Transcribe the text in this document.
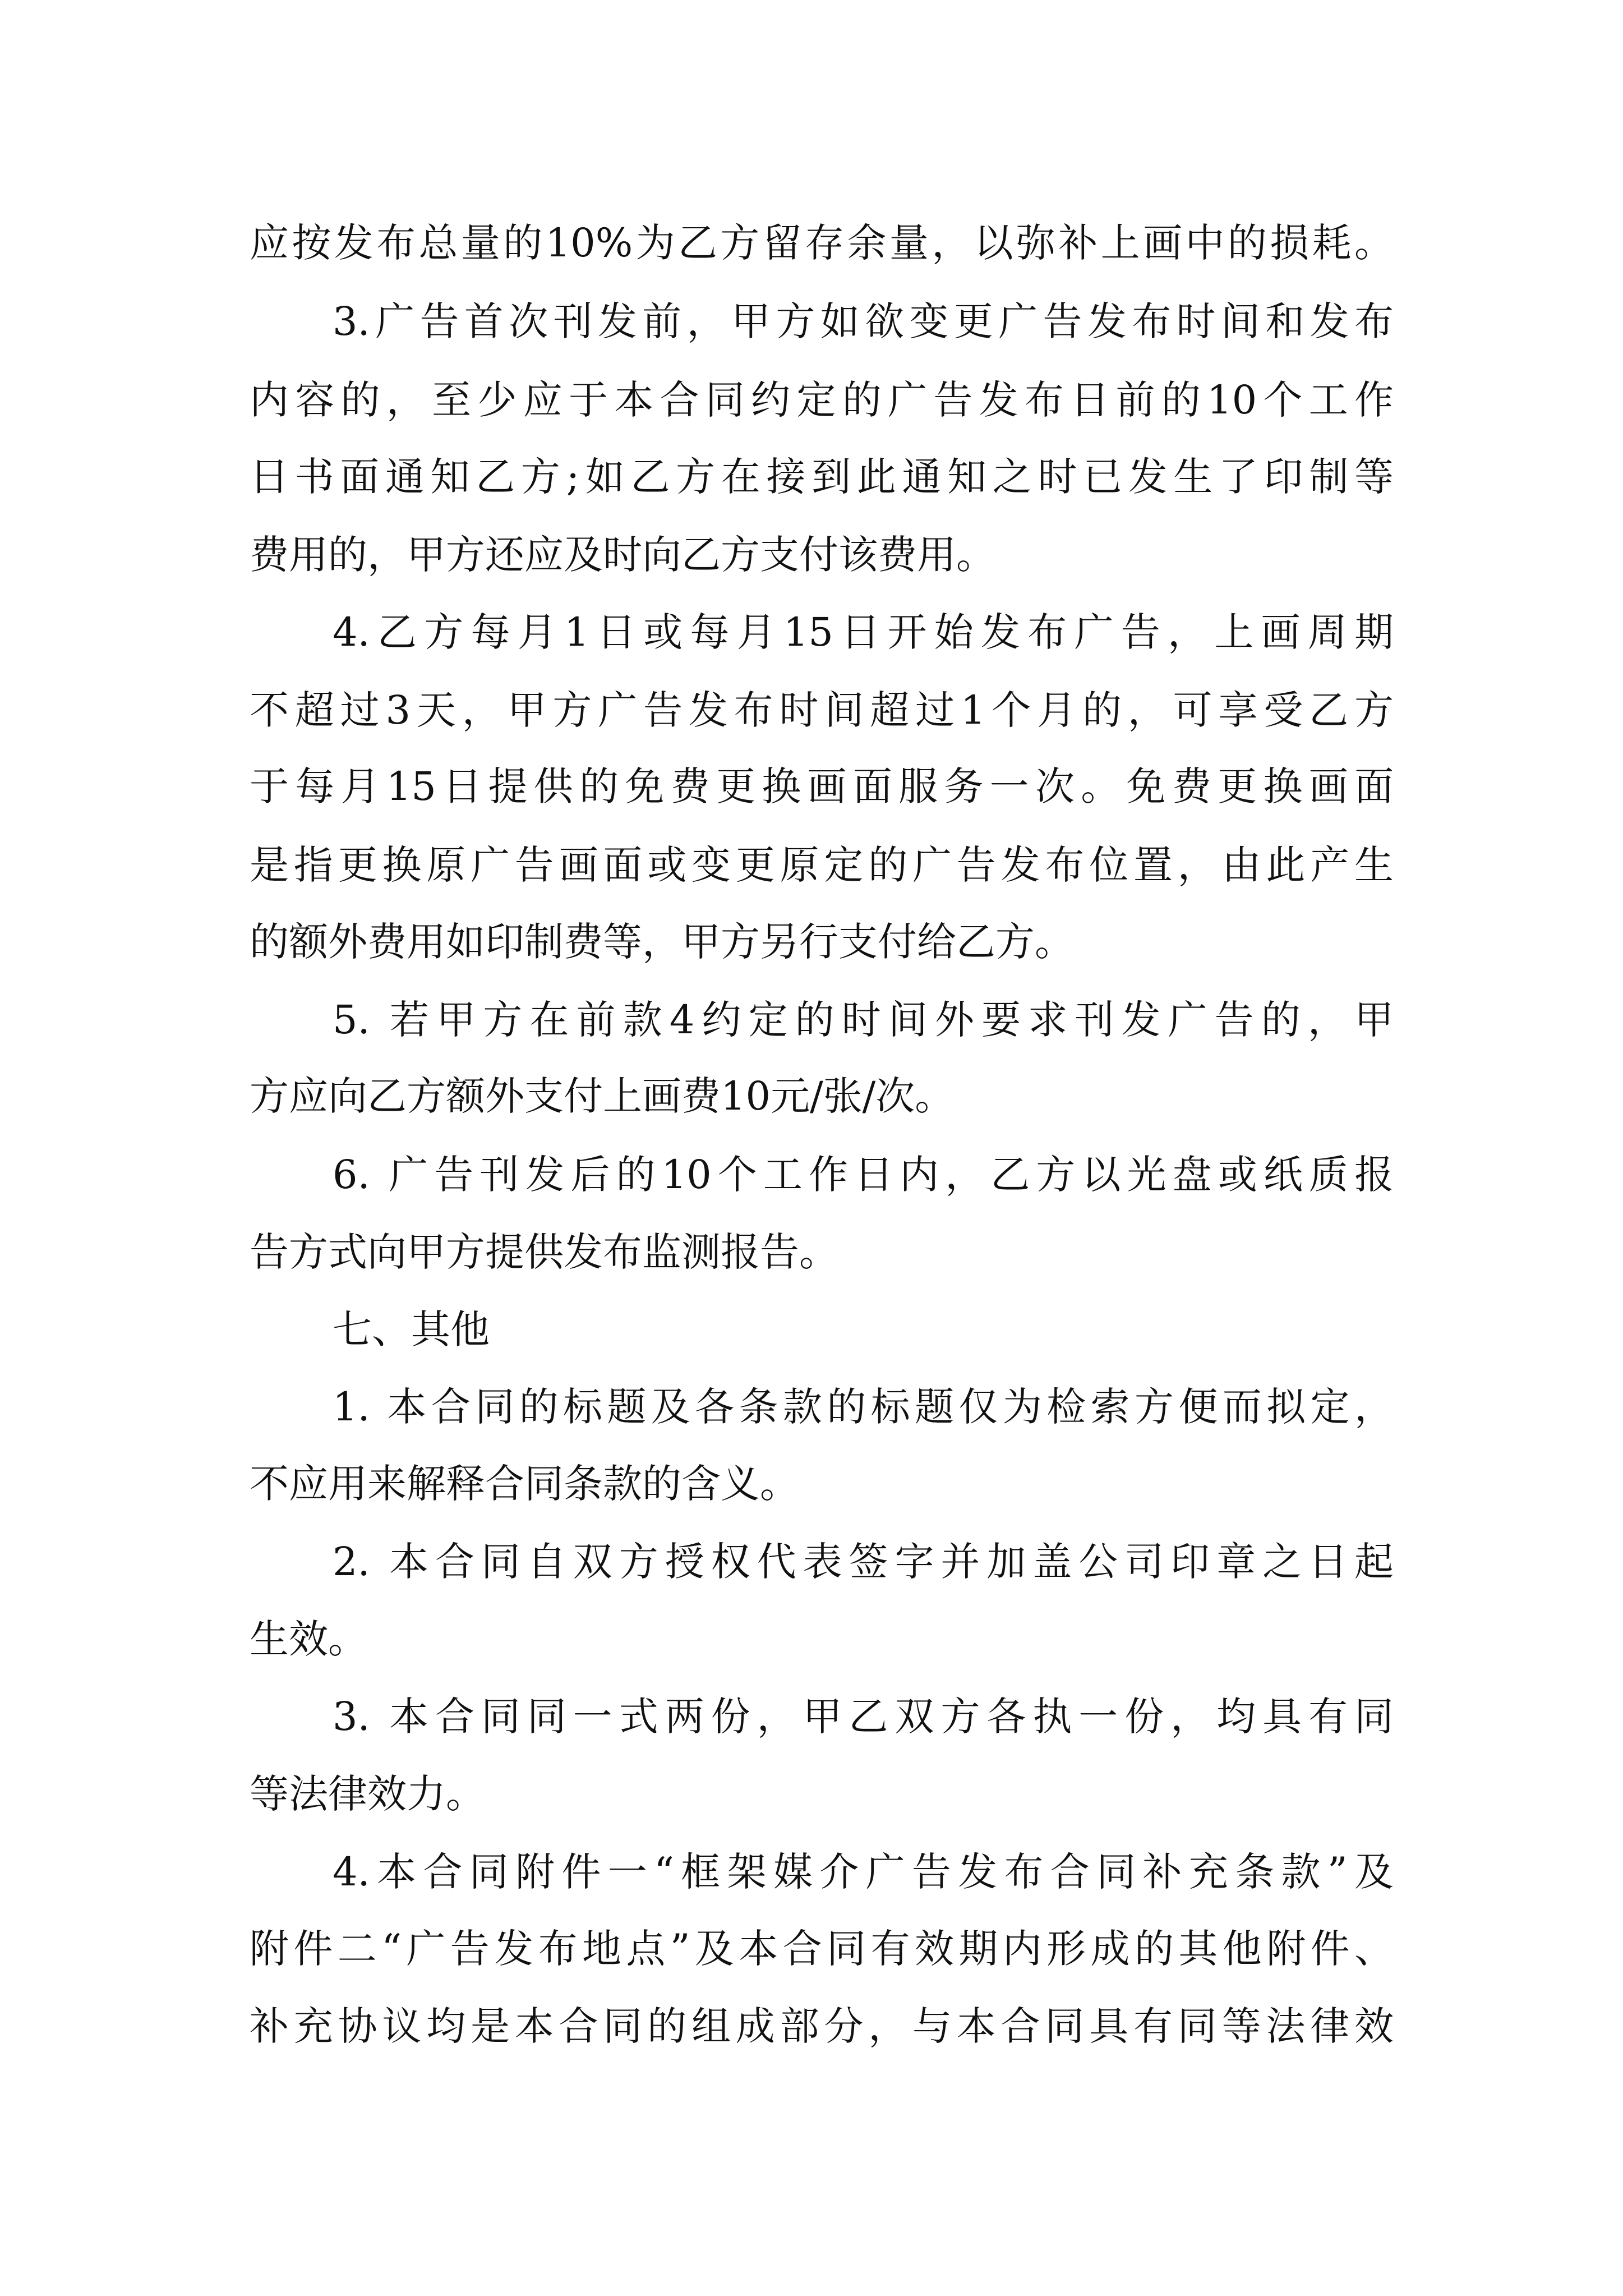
应按发布总量的10%为乙方留存余量，以弥补上画中的损耗。
3.广告首次刊发前，甲方如欲变更广告发布时间和发布
内容的，至少应于本合同约定的广告发布日前的10个工作
日书面通知乙方;如乙方在接到此通知之时已发生了印制等
费用的，甲方还应及时向乙方支付该费用。
4.乙方每月1日或每月15日开始发布广告，上画周期
不超过3天，甲方广告发布时间超过1个月的，可享受乙方
于每月15日提供的免费更换画面服务一次。免费更换画面
是指更换原广告画面或变更原定的广告发布位置，由此产生
的额外费用如印制费等，甲方另行支付给乙方。
5. 若甲方在前款4约定的时间外要求刊发广告的，甲
方应向乙方额外支付上画费10元/张/次。
6. 广告刊发后的10个工作日内，乙方以光盘或纸质报
告方式向甲方提供发布监测报告。
七、其他
1. 本合同的标题及各条款的标题仅为检索方便而拟定，
不应用来解释合同条款的含义。
2. 本合同自双方授权代表签字并加盖公司印章之日起
生效。
3. 本合同同一式两份，甲乙双方各执一份，均具有同
等法律效力。
4.本合同附件一“框架媒介广告发布合同补充条款”及
附件二“广告发布地点”及本合同有效期内形成的其他附件、
补充协议均是本合同的组成部分，与本合同具有同等法律效
